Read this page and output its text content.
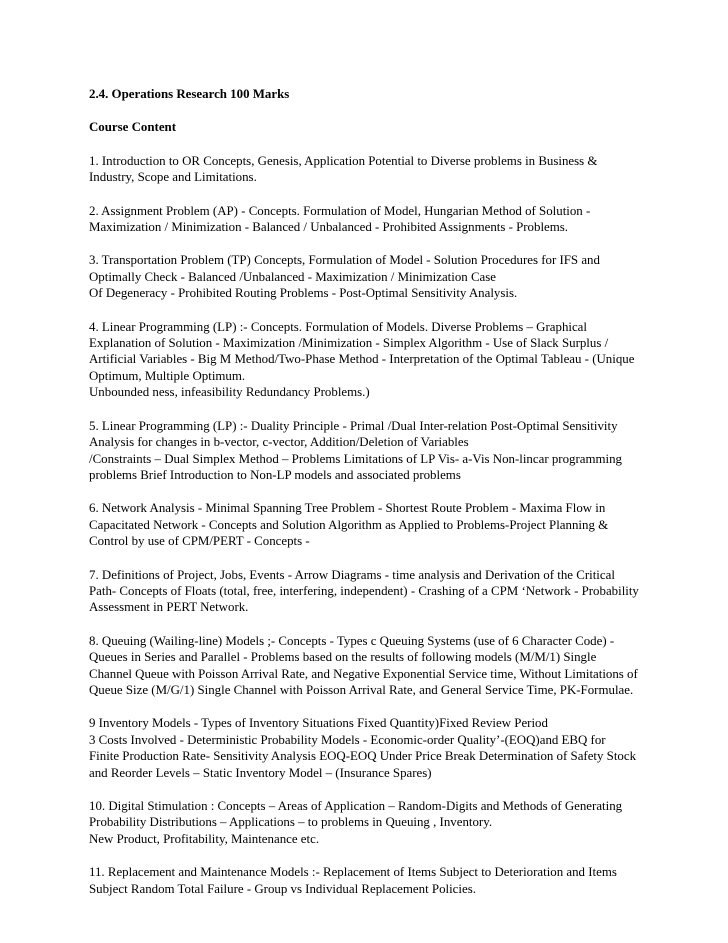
2.4. Operations Research 100 Marks

Course Content

1. Introduction to OR Concepts, Genesis, Application Potential to Diverse problems in Business &
Industry, Scope and Limitations.
2. Assignment Problem (AP) - Concepts. Formulation of Model, Hungarian Method of Solution -
Maximization / Minimization - Balanced / Unbalanced - Prohibited Assignments - Problems.
3. Transportation Problem (TP) Concepts, Formulation of Model - Solution Procedures for IFS and
Optimally Check - Balanced /Unbalanced - Maximization / Minimization Case
Of Degeneracy - Prohibited Routing Problems - Post-Optimal Sensitivity Analysis.
4. Linear Programming (LP) :- Concepts. Formulation of Models. Diverse Problems – Graphical
Explanation of Solution - Maximization /Minimization - Simplex Algorithm - Use of Slack Surplus /
Artificial Variables - Big M Method/Two-Phase Method - Interpretation of the Optimal Tableau - (Unique
Optimum, Multiple Optimum.
Unbounded ness, infeasibility Redundancy Problems.)
5. Linear Programming (LP) :- Duality Principle - Primal /Dual Inter-relation Post-Optimal Sensitivity
Analysis for changes in b-vector, c-vector, Addition/Deletion of Variables
/Constraints – Dual Simplex Method – Problems Limitations of LP Vis- a-Vis Non-lincar programming
problems Brief Introduction to Non-LP models and associated problems
6. Network Analysis - Minimal Spanning Tree Problem - Shortest Route Problem - Maxima Flow in
Capacitated Network - Concepts and Solution Algorithm as Applied to Problems-Project Planning &
Control by use of CPM/PERT - Concepts -
7. Definitions of Project, Jobs, Events - Arrow Diagrams - time analysis and Derivation of the Critical
Path- Concepts of Floats (total, free, interfering, independent) - Crashing of a CPM ‘Network - Probability
Assessment in PERT Network.
8. Queuing (Wailing-line) Models ;- Concepts - Types c Queuing Systems (use of 6 Character Code) -
Queues in Series and Parallel - Problems based on the results of following models (M/M/1) Single
Channel Queue with Poisson Arrival Rate, and Negative Exponential Service time, Without Limitations of
Queue Size (M/G/1) Single Channel with Poisson Arrival Rate, and General Service Time, PK-Formulae.
9 Inventory Models - Types of Inventory Situations Fixed Quantity)Fixed Review Period
3 Costs Involved - Deterministic Probability Models - Economic-order Quality’-(EOQ)and EBQ for
Finite Production Rate- Sensitivity Analysis EOQ-EOQ Under Price Break Determination of Safety Stock
and Reorder Levels – Static Inventory Model – (Insurance Spares)
10. Digital Stimulation : Concepts – Areas of Application – Random-Digits and Methods of Generating
Probability Distributions – Applications – to problems in Queuing , Inventory.
New Product, Profitability, Maintenance etc.
11. Replacement and Maintenance Models :- Replacement of Items Subject to Deterioration and Items
Subject Random Total Failure - Group vs Individual Replacement Policies.
